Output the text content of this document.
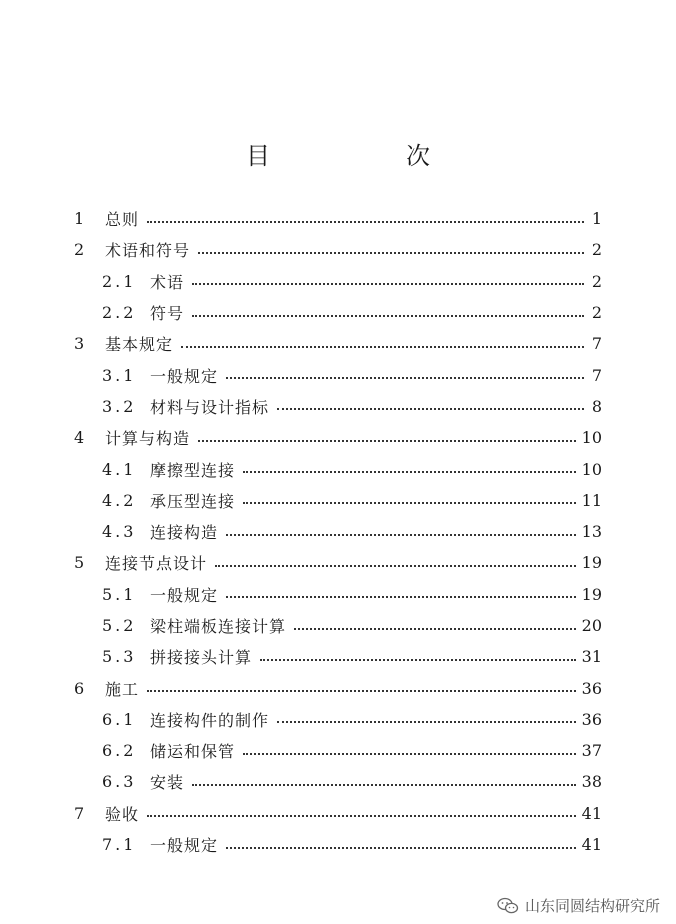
目　次
1	总则	1
2	术语和符号	2
2.1 术语	2
2.2 符号	2
3	基本规定	7
3.1 一般规定	7
3.2 材料与设计指标	8
4	计算与构造	10
4.1 摩擦型连接	10
4.2 承压型连接	11
4.3 连接构造	13
5	连接节点设计	19
5.1 一般规定	19
5.2 梁柱端板连接计算	20
5.3 拼接接头计算	31
6	施工	36
6.1 连接构件的制作	36
6.2 储运和保管	37
6.3 安装	38
7	验收	41
7.1 一般规定	41
山东同圆结构研究所
